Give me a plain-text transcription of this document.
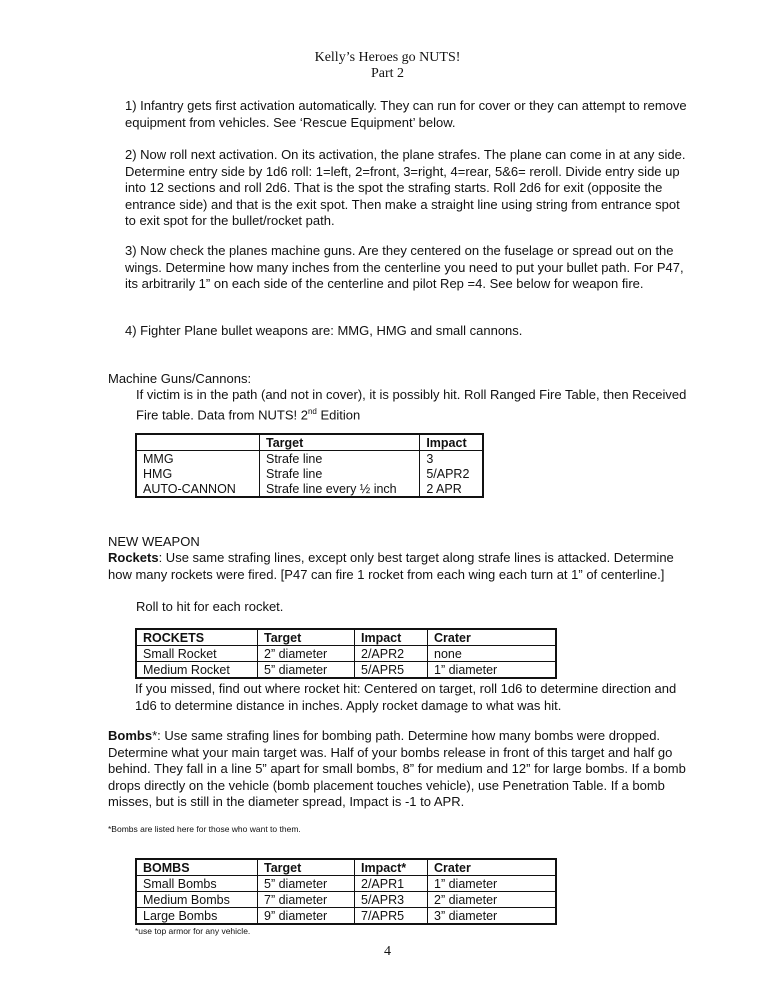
Kelly’s Heroes go NUTS!
Part 2

1) Infantry gets first activation automatically. They can run for cover or they can attempt to remove equipment from vehicles. See ‘Rescue Equipment’ below.

2) Now roll next activation. On its activation, the plane strafes. The plane can come in at any side. Determine entry side by 1d6 roll: 1=left, 2=front, 3=right, 4=rear, 5&6= reroll. Divide entry side up into 12 sections and roll 2d6. That is the spot the strafing starts. Roll 2d6 for exit (opposite the entrance side) and that is the exit spot. Then make a straight line using string from entrance spot to exit spot for the bullet/rocket path.

3) Now check the planes machine guns. Are they centered on the fuselage or spread out on the wings. Determine how many inches from the centerline you need to put your bullet path. For P47, its arbitrarily 1” on each side of the centerline and pilot Rep =4. See below for weapon fire.

4) Fighter Plane bullet weapons are: MMG, HMG and small cannons.

Machine Guns/Cannons:

If victim is in the path (and not in cover), it is possibly hit. Roll Ranged Fire Table, then Received Fire table. Data from NUTS! 2nd Edition

	Target	Impact
MMG	Strafe line	3
HMG	Strafe line	5/APR2
AUTO-CANNON	Strafe line every ½ inch	2 APR
NEW WEAPON

Rockets: Use same strafing lines, except only best target along strafe lines is attacked. Determine how many rockets were fired. [P47 can fire 1 rocket from each wing each turn at 1” of centerline.]

Roll to hit for each rocket.
ROCKETS	Target	Impact	Crater
Small Rocket	2” diameter	2/APR2	none
Medium Rocket	5” diameter	5/APR5	1” diameter

If you missed, find out where rocket hit: Centered on target, roll 1d6 to determine direction and 1d6 to determine distance in inches. Apply rocket damage to what was hit.

Bombs*: Use same strafing lines for bombing path. Determine how many bombs were dropped. Determine what your main target was. Half of your bombs release in front of this target and half go behind. They fall in a line 5” apart for small bombs, 8” for medium and 12” for large bombs. If a bomb drops directly on the vehicle (bomb placement touches vehicle), use Penetration Table. If a bomb misses, but is still in the diameter spread, Impact is -1 to APR.

*Bombs are listed here for those who want to them.
BOMBS	Target	Impact*	Crater
Small Bombs	5” diameter	2/APR1	1” diameter
Medium Bombs	7” diameter	5/APR3	2” diameter
Large Bombs	9” diameter	7/APR5	3” diameter
*use top armor for any vehicle.
4
